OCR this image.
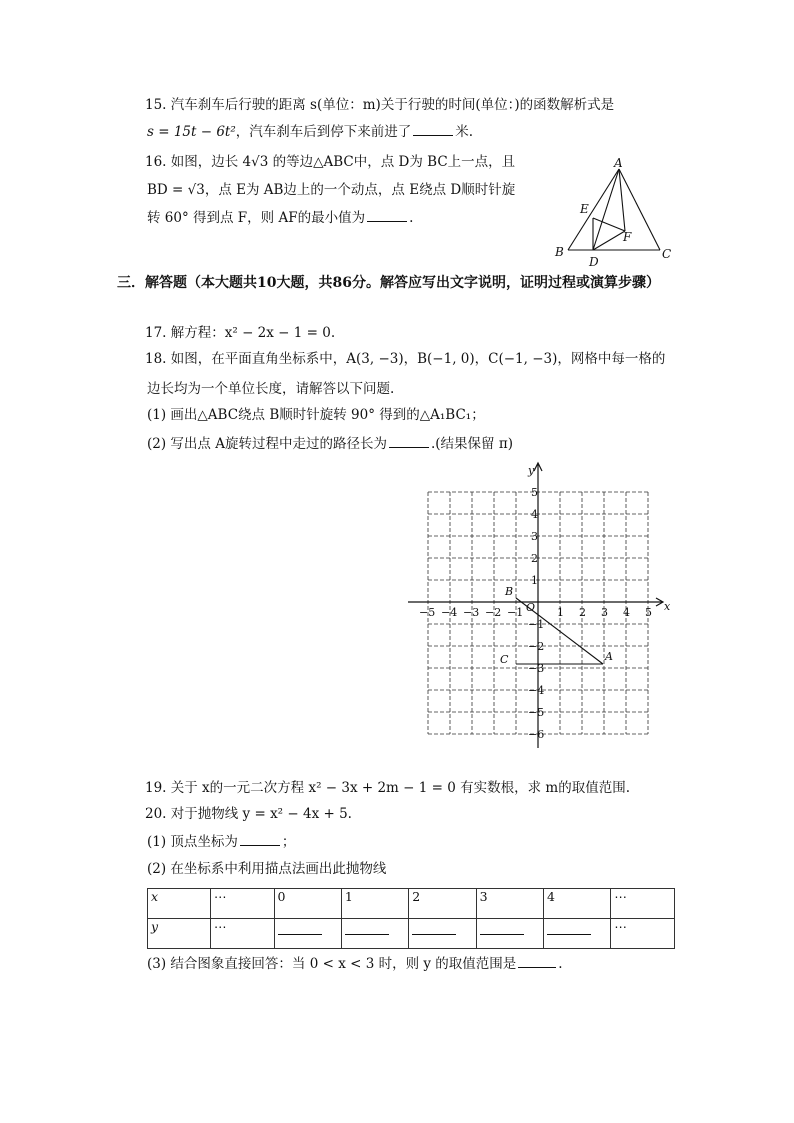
15. 汽车刹车后行驶的距离 s(单位：m)关于行驶的时间(单位：)的函数解析式是
s = 15t − 6t²，汽车刹车后到停下来前进了	米.
16. 如图，边长 4√3 的等边△ABC中，点 D为 BC上一点，且
BD = √3，点 E为 AB边上的一个动点，点 E绕点 D顺时针旋
转 60° 得到点 F，则 AF的最小值为	.
A
B	C
D
E
F
三．解答题（本大题共10大题，共86分。解答应写出文字说明，证明过程或演算步骤）
17. 解方程：x² − 2x − 1 = 0.
18. 如图，在平面直角坐标系中，A(3, −3)，B(−1, 0)，C(−1, −3)，网格中每一格的
边长均为一个单位长度，请解答以下问题.
(1) 画出△ABC绕点 B顺时针旋转 90° 得到的△A₁BC₁；
(2) 写出点 A旋转过程中走过的路径长为	.(结果保留 π)
−5 −4 −3 −2 −1	1 2 3 4 5
5
4
3
2
1
−1
−2
−3
−4
−5
−6
x
y
O
A
B
C
19. 关于 x的一元二次方程 x² − 3x + 2m − 1 = 0 有实数根，求 m的取值范围.
20. 对于抛物线 y = x² − 4x + 5.
(1) 顶点坐标为	；
(2) 在坐标系中利用描点法画出此抛物线
x	⋯	0	1	2	3	4	⋯
y	⋯						⋯
(3) 结合图象直接回答：当 0 < x < 3 时，则 y 的取值范围是	.
